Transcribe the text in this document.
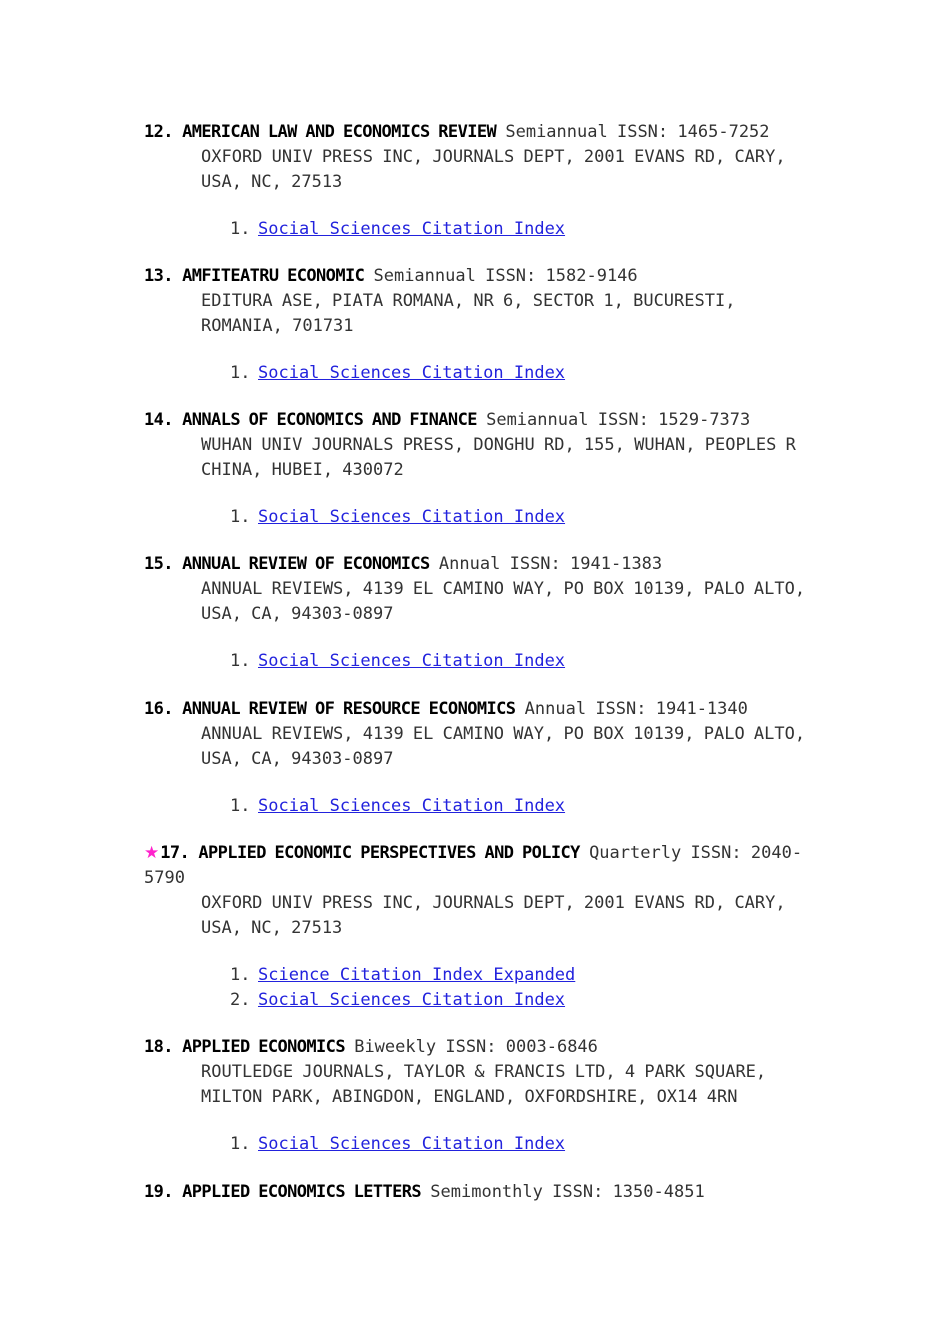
12. AMERICAN LAW AND ECONOMICS REVIEW Semiannual ISSN: 1465-7252

OXFORD UNIV PRESS INC, JOURNALS DEPT, 2001 EVANS RD, CARY, USA, NC, 27513

1. Social Sciences Citation Index

13. AMFITEATRU ECONOMIC Semiannual ISSN: 1582-9146

EDITURA ASE, PIATA ROMANA, NR 6, SECTOR 1, BUCURESTI, ROMANIA, 701731

1. Social Sciences Citation Index

14. ANNALS OF ECONOMICS AND FINANCE Semiannual ISSN: 1529-7373

WUHAN UNIV JOURNALS PRESS, DONGHU RD, 155, WUHAN, PEOPLES R CHINA, HUBEI, 430072

1. Social Sciences Citation Index

15. ANNUAL REVIEW OF ECONOMICS Annual ISSN: 1941-1383

ANNUAL REVIEWS, 4139 EL CAMINO WAY, PO BOX 10139, PALO ALTO, USA, CA, 94303-0897

1. Social Sciences Citation Index

16. ANNUAL REVIEW OF RESOURCE ECONOMICS Annual ISSN: 1941-1340

ANNUAL REVIEWS, 4139 EL CAMINO WAY, PO BOX 10139, PALO ALTO, USA, CA, 94303-0897

1. Social Sciences Citation Index

★17. APPLIED ECONOMIC PERSPECTIVES AND POLICY Quarterly ISSN: 2040-5790

OXFORD UNIV PRESS INC, JOURNALS DEPT, 2001 EVANS RD, CARY, USA, NC, 27513

1. Science Citation Index Expanded
2. Social Sciences Citation Index

18. APPLIED ECONOMICS Biweekly ISSN: 0003-6846

ROUTLEDGE JOURNALS, TAYLOR & FRANCIS LTD, 4 PARK SQUARE, MILTON PARK, ABINGDON, ENGLAND, OXFORDSHIRE, OX14 4RN

1. Social Sciences Citation Index

19. APPLIED ECONOMICS LETTERS Semimonthly ISSN: 1350-4851
